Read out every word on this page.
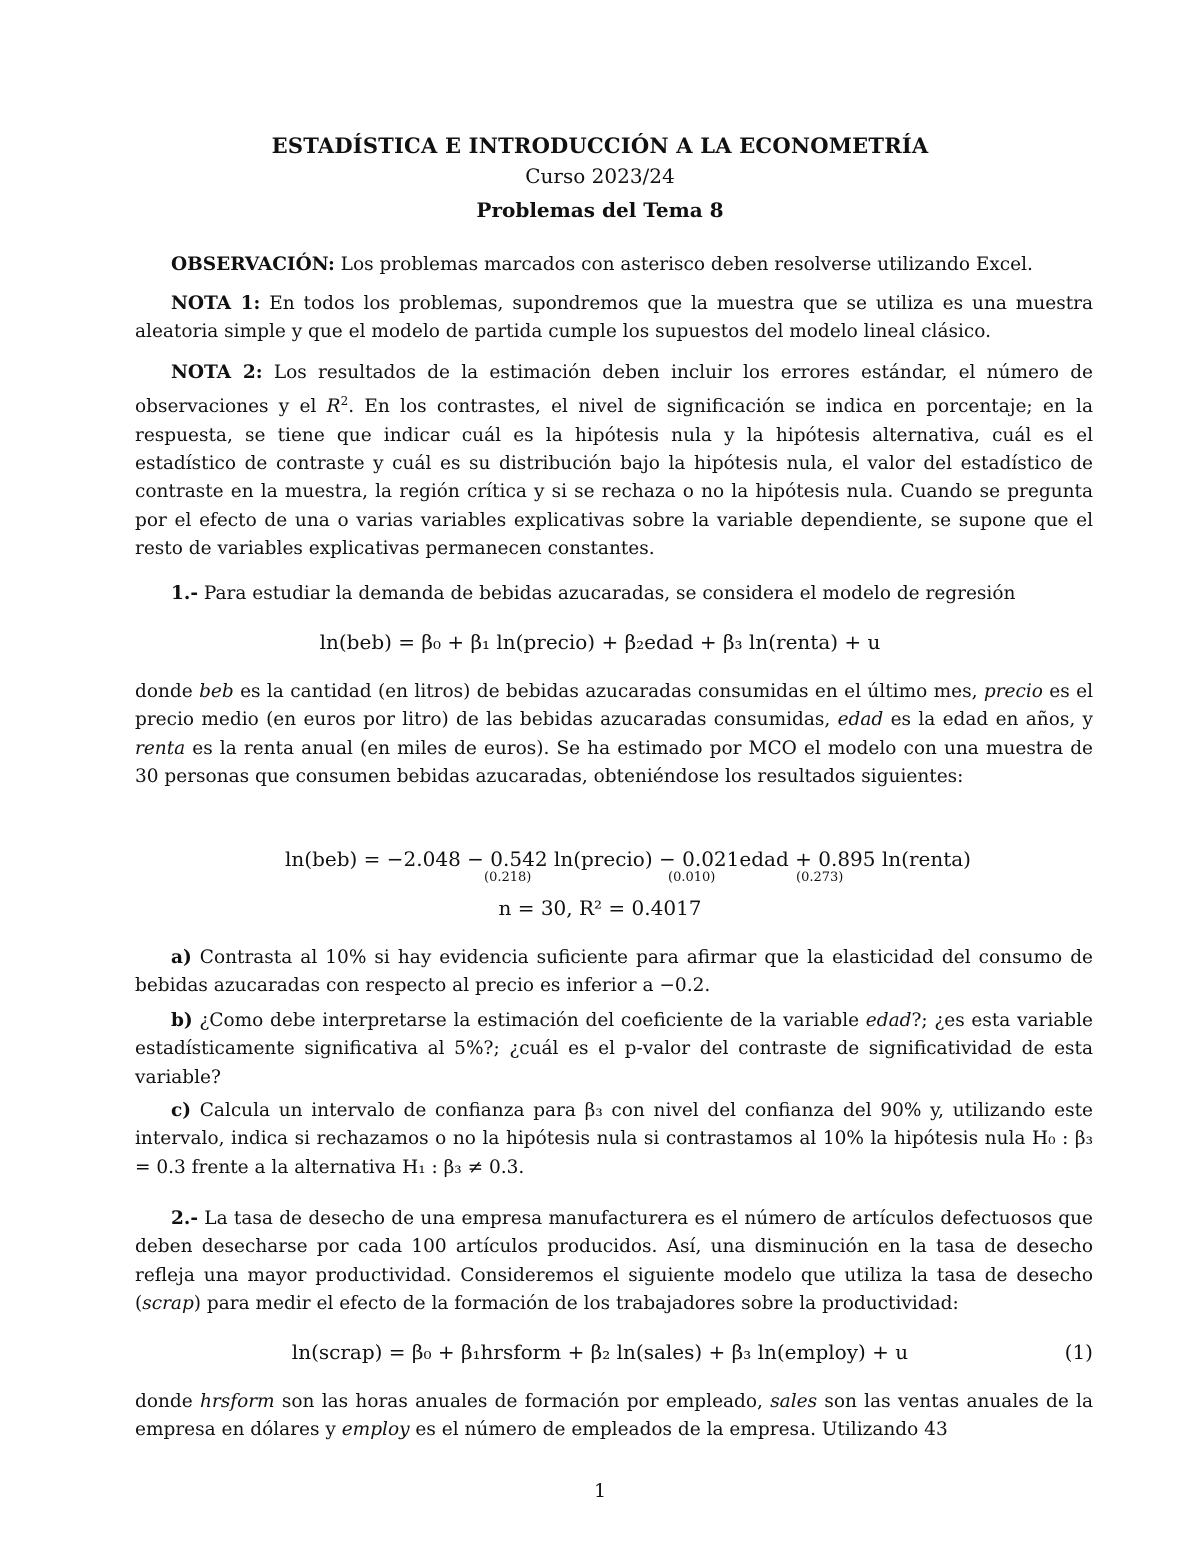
ESTADÍSTICA E INTRODUCCIÓN A LA ECONOMETRÍA
Curso 2023/24
Problemas del Tema 8

OBSERVACIÓN: Los problemas marcados con asterisco deben resolverse utilizando Excel.

NOTA 1: En todos los problemas, supondremos que la muestra que se utiliza es una muestra aleatoria simple y que el modelo de partida cumple los supuestos del modelo lineal clásico.

NOTA 2: Los resultados de la estimación deben incluir los errores estándar, el número de observaciones y el $R^2$. En los contrastes, el nivel de significación se indica en porcentaje; en la respuesta, se tiene que indicar cuál es la hipótesis nula y la hipótesis alternativa, cuál es el estadístico de contraste y cuál es su distribución bajo la hipótesis nula, el valor del estadístico de contraste en la muestra, la región crítica y si se rechaza o no la hipótesis nula. Cuando se pregunta por el efecto de una o varias variables explicativas sobre la variable dependiente, se supone que el resto de variables explicativas permanecen constantes.

1.- Para estudiar la demanda de bebidas azucaradas, se considera el modelo de regresión

ln(beb) = β₀ + β₁ ln(precio) + β₂edad + β₃ ln(renta) + u

donde beb es la cantidad (en litros) de bebidas azucaradas consumidas en el último mes, precio es el precio medio (en euros por litro) de las bebidas azucaradas consumidas, edad es la edad en años, y renta es la renta anual (en miles de euros). Se ha estimado por MCO el modelo con una muestra de 30 personas que consumen bebidas azucaradas, obteniéndose los resultados siguientes:

ln(beb) = −2.048 − 0.542 ln(precio) − 0.021edad + 0.895 ln(renta)
(0.218)	(0.010)	(0.273)
n = 30, R² = 0.4017

a) Contrasta al 10% si hay evidencia suficiente para afirmar que la elasticidad del consumo de bebidas azucaradas con respecto al precio es inferior a −0.2.

b) ¿Como debe interpretarse la estimación del coeficiente de la variable edad?; ¿es esta variable estadísticamente significativa al 5%?; ¿cuál es el p-valor del contraste de significatividad de esta variable?

c) Calcula un intervalo de confianza para β₃ con nivel del confianza del 90% y, utilizando este intervalo, indica si rechazamos o no la hipótesis nula si contrastamos al 10% la hipótesis nula H₀ : β₃ = 0.3 frente a la alternativa H₁ : β₃ ≠ 0.3.

2.- La tasa de desecho de una empresa manufacturera es el número de artículos defectuosos que deben desecharse por cada 100 artículos producidos. Así, una disminución en la tasa de desecho refleja una mayor productividad. Consideremos el siguiente modelo que utiliza la tasa de desecho (scrap) para medir el efecto de la formación de los trabajadores sobre la productividad:

ln(scrap) = β₀ + β₁hrsform + β₂ ln(sales) + β₃ ln(employ) + u	(1)

donde hrsform son las horas anuales de formación por empleado, sales son las ventas anuales de la empresa en dólares y employ es el número de empleados de la empresa. Utilizando 43

1
